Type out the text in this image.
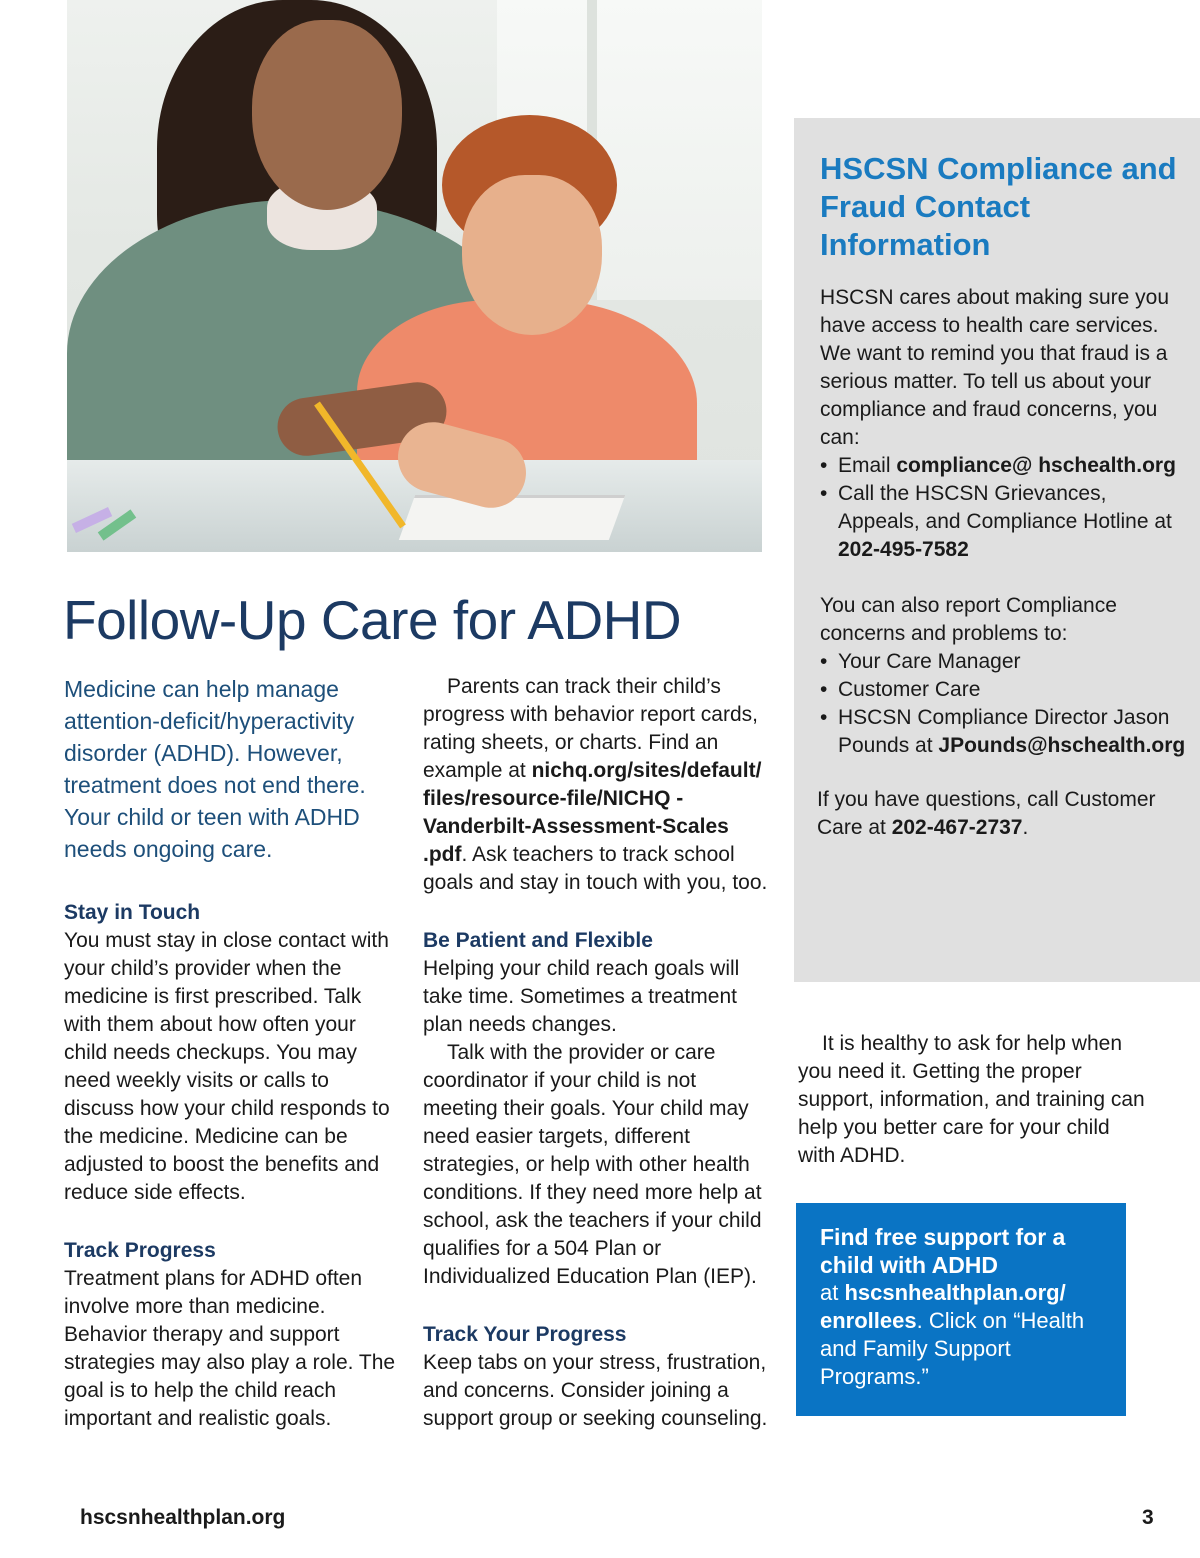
Follow-Up Care for ADHD

Medicine can help manage attention-deficit/hyperactivity disorder (ADHD). However, treatment does not end there. Your child or teen with ADHD needs ongoing care.

Stay in Touch

You must stay in close contact with your child’s provider when the medicine is first prescribed. Talk with them about how often your child needs checkups. You may need weekly visits or calls to discuss how your child responds to the medicine. Medicine can be adjusted to boost the benefits and reduce side effects.

Track Progress

Treatment plans for ADHD often involve more than medicine. Behavior therapy and support strategies may also play a role. The goal is to help the child reach important and realistic goals.

Parents can track their child’s progress with behavior report cards, rating sheets, or charts. Find an example at nichq.org/sites/default/ files/resource-file/NICHQ -Vanderbilt-Assessment-Scales .pdf. Ask teachers to track school goals and stay in touch with you, too.

Be Patient and Flexible

Helping your child reach goals will take time. Sometimes a treatment plan needs changes.

Talk with the provider or care coordinator if your child is not meeting their goals. Your child may need easier targets, different strategies, or help with other health conditions. If they need more help at school, ask the teachers if your child qualifies for a 504 Plan or Individualized Education Plan (IEP).

Track Your Progress

Keep tabs on your stress, frustration, and concerns. Consider joining a support group or seeking counseling.

HSCSN Compliance and Fraud Contact Information

HSCSN cares about making sure you have access to health care services. We want to remind you that fraud is a serious matter. To tell us about your compliance and fraud concerns, you can:

• Email compliance@ hschealth.org
• Call the HSCSN Grievances, Appeals, and Compliance Hotline at 202-495-7582

You can also report Compliance concerns and problems to:

• Your Care Manager
• Customer Care
• HSCSN Compliance Director Jason Pounds at JPounds@hschealth.org

If you have questions, call Customer Care at 202-467-2737.

It is healthy to ask for help when you need it. Getting the proper support, information, and training can help you better care for your child with ADHD.

Find free support for a child with ADHD

at hscsnhealthplan.org/ enrollees. Click on “Health and Family Support Programs.”

hscsnhealthplan.org	3
